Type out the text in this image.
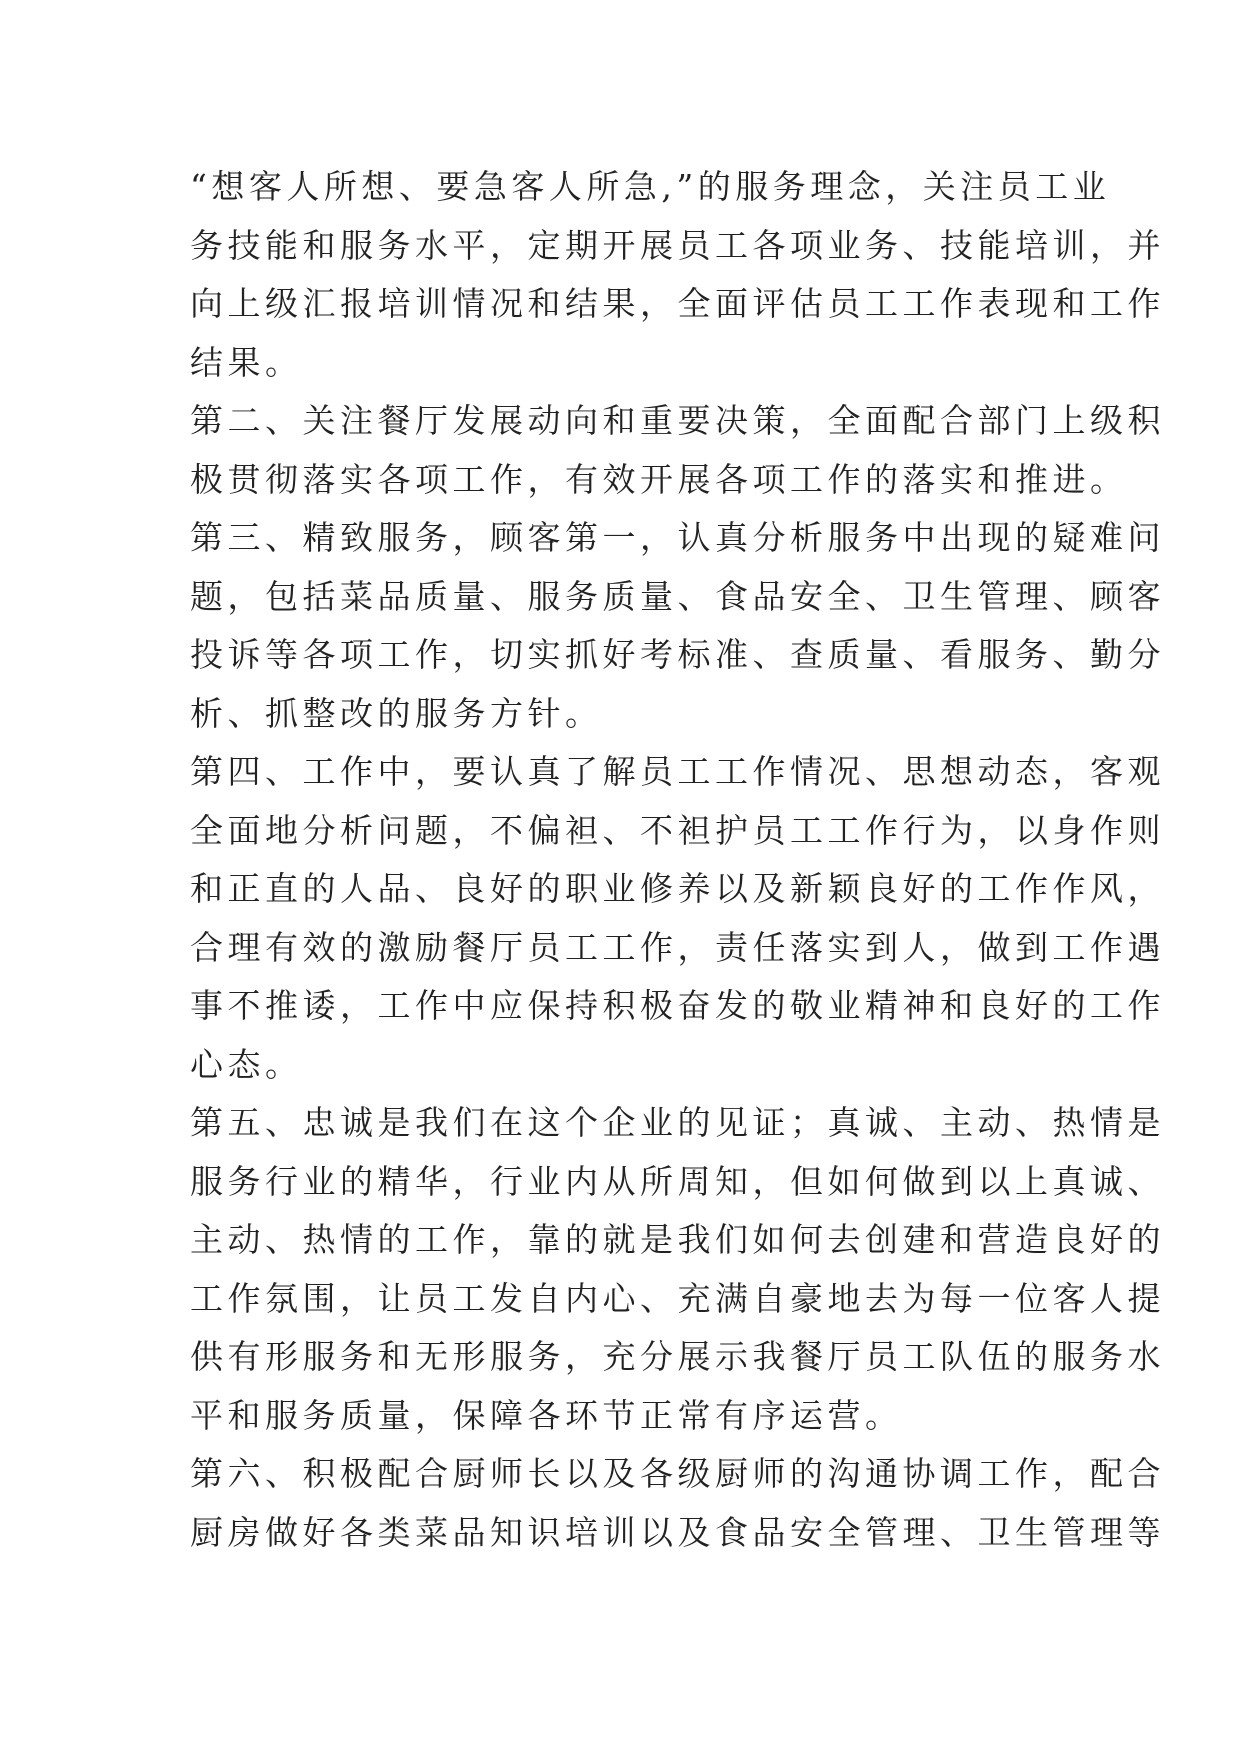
“想客人所想、要急客人所急,”的服务理念，关注员工业
务技能和服务水平，定期开展员工各项业务、技能培训，并
向上级汇报培训情况和结果，全面评估员工工作表现和工作
结果。
第二、关注餐厅发展动向和重要决策，全面配合部门上级积
极贯彻落实各项工作，有效开展各项工作的落实和推进。
第三、精致服务，顾客第一，认真分析服务中出现的疑难问
题，包括菜品质量、服务质量、食品安全、卫生管理、顾客
投诉等各项工作，切实抓好考标准、查质量、看服务、勤分
析、抓整改的服务方针。
第四、工作中，要认真了解员工工作情况、思想动态，客观
全面地分析问题，不偏袒、不袒护员工工作行为，以身作则
和正直的人品、良好的职业修养以及新颖良好的工作作风，
合理有效的激励餐厅员工工作，责任落实到人，做到工作遇
事不推诿，工作中应保持积极奋发的敬业精神和良好的工作
心态。
第五、忠诚是我们在这个企业的见证；真诚、主动、热情是
服务行业的精华，行业内从所周知，但如何做到以上真诚、
主动、热情的工作，靠的就是我们如何去创建和营造良好的
工作氛围，让员工发自内心、充满自豪地去为每一位客人提
供有形服务和无形服务，充分展示我餐厅员工队伍的服务水
平和服务质量，保障各环节正常有序运营。
第六、积极配合厨师长以及各级厨师的沟通协调工作，配合
厨房做好各类菜品知识培训以及食品安全管理、卫生管理等
